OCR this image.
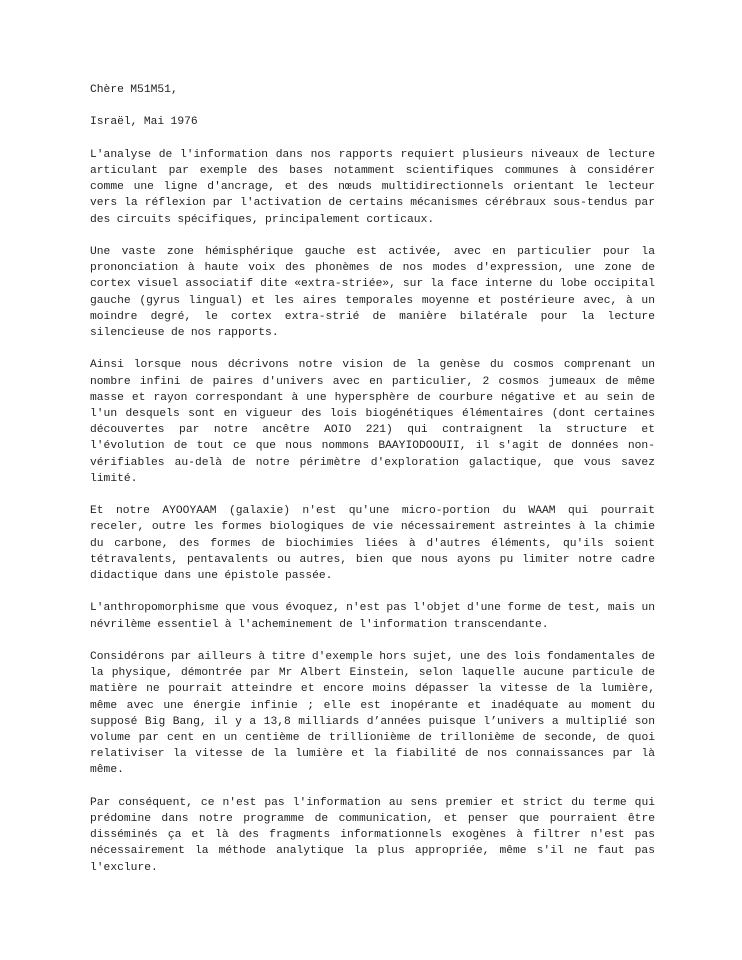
Chère M51M51,

Israël, Mai 1976

L'analyse de l'information dans nos rapports requiert plusieurs niveaux de lecture articulant par exemple des bases notamment scientifiques communes à considérer comme une ligne d'ancrage, et des nœuds multidirectionnels orientant le lecteur vers la réflexion par l'activation de certains mécanismes cérébraux sous-tendus par des circuits spécifiques, principalement corticaux.

Une vaste zone hémisphérique gauche est activée, avec en particulier pour la prononciation à haute voix des phonèmes de nos modes d'expression, une zone de cortex visuel associatif dite «extra-striée», sur la face interne du lobe occipital gauche (gyrus lingual) et les aires temporales moyenne et postérieure avec, à un moindre degré, le cortex extra-strié de manière bilatérale pour la lecture silencieuse de nos rapports.

Ainsi lorsque nous décrivons notre vision de la genèse du cosmos comprenant un nombre infini de paires d'univers avec en particulier, 2 cosmos jumeaux de même masse et rayon correspondant à une hypersphère de courbure négative et au sein de l'un desquels sont en vigueur des lois biogénétiques élémentaires (dont certaines découvertes par notre ancêtre AOIO 221) qui contraignent la structure et l'évolution de tout ce que nous nommons BAAYIODOOUII, il s'agit de données non-vérifiables au-delà de notre périmètre d'exploration galactique, que vous savez limité.

Et notre AYOOYAAM (galaxie) n'est qu'une micro-portion du WAAM qui pourrait receler, outre les formes biologiques de vie nécessairement astreintes à la chimie du carbone, des formes de biochimies liées à d'autres éléments, qu'ils soient tétravalents, pentavalents ou autres, bien que nous ayons pu limiter notre cadre didactique dans une épistole passée.

L'anthropomorphisme que vous évoquez, n'est pas l'objet d'une forme de test, mais un névrilème essentiel à l'acheminement de l'information transcendante.

Considérons par ailleurs à titre d'exemple hors sujet, une des lois fondamentales de la physique, démontrée par Mr Albert Einstein, selon laquelle aucune particule de matière ne pourrait atteindre et encore moins dépasser la vitesse de la lumière, même avec une énergie infinie ; elle est inopérante et inadéquate au moment du supposé Big Bang, il y a 13,8 milliards d’années puisque l’univers a multiplié son volume par cent en un centième de trillionième de trillonième de seconde, de quoi relativiser la vitesse de la lumière et la fiabilité de nos connaissances par là même.

Par conséquent, ce n'est pas l'information au sens premier et strict du terme qui prédomine dans notre programme de communication, et penser que pourraient être disséminés ça et là des fragments informationnels exogènes à filtrer n'est pas nécessairement la méthode analytique la plus appropriée, même s'il ne faut pas l'exclure.
